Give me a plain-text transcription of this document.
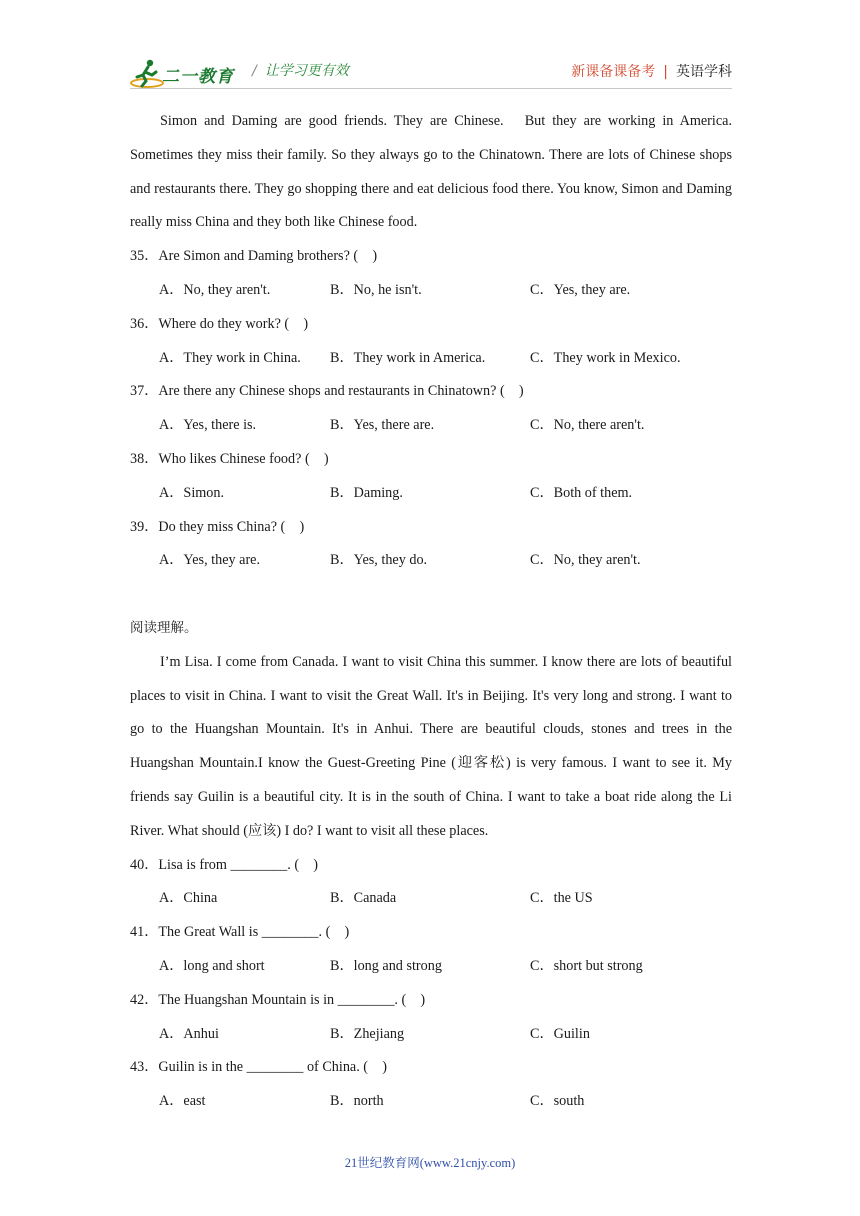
二一教育 / 让学习更有效	新课备课备考 | 英语学科

Simon and Daming are good friends. They are Chinese.　But they are working in America. Sometimes they miss their family. So they always go to the Chinatown. There are lots of Chinese shops and restaurants there. They go shopping there and eat delicious food there. You know, Simon and Daming really miss China and they both like Chinese food.

35．Are Simon and Daming brothers? (　)

A．No, they aren't.	B．No, he isn't.	C．Yes, they are.

36．Where do they work? (　)

A．They work in China. B．They work in America.	C．They work in Mexico.

37．Are there any Chinese shops and restaurants in Chinatown? (　)

A．Yes, there is.	B．Yes, there are.	C．No, there aren't.

38．Who likes Chinese food? (　)

A．Simon.	B．Daming.	C．Both of them.

39．Do they miss China? (　)

A．Yes, they are.	B．Yes, they do.	C．No, they aren't.

阅读理解。

I’m Lisa. I come from Canada. I want to visit China this summer. I know there are lots of beautiful places to visit in China. I want to visit the Great Wall. It's in Beijing. It's very long and strong. I want to go to the Huangshan Mountain. It's in Anhui. There are beautiful clouds, stones and trees in the Huangshan Mountain.I know the Guest-Greeting Pine (迎客松) is very famous. I want to see it. My friends say Guilin is a beautiful city. It is in the south of China. I want to take a boat ride along the Li River. What should (应该) I do? I want to visit all these places.

40．Lisa is from ________. (　)

A．China	B．Canada	C．the US

41．The Great Wall is ________. (　)

A．long and short	B．long and strong	C．short but strong

42．The Huangshan Mountain is in ________. (　)

A．Anhui	B．Zhejiang	C．Guilin

43．Guilin is in the ________ of China. (　)

A．east	B．north	C．south
21世纪教育网(www.21cnjy.com)
